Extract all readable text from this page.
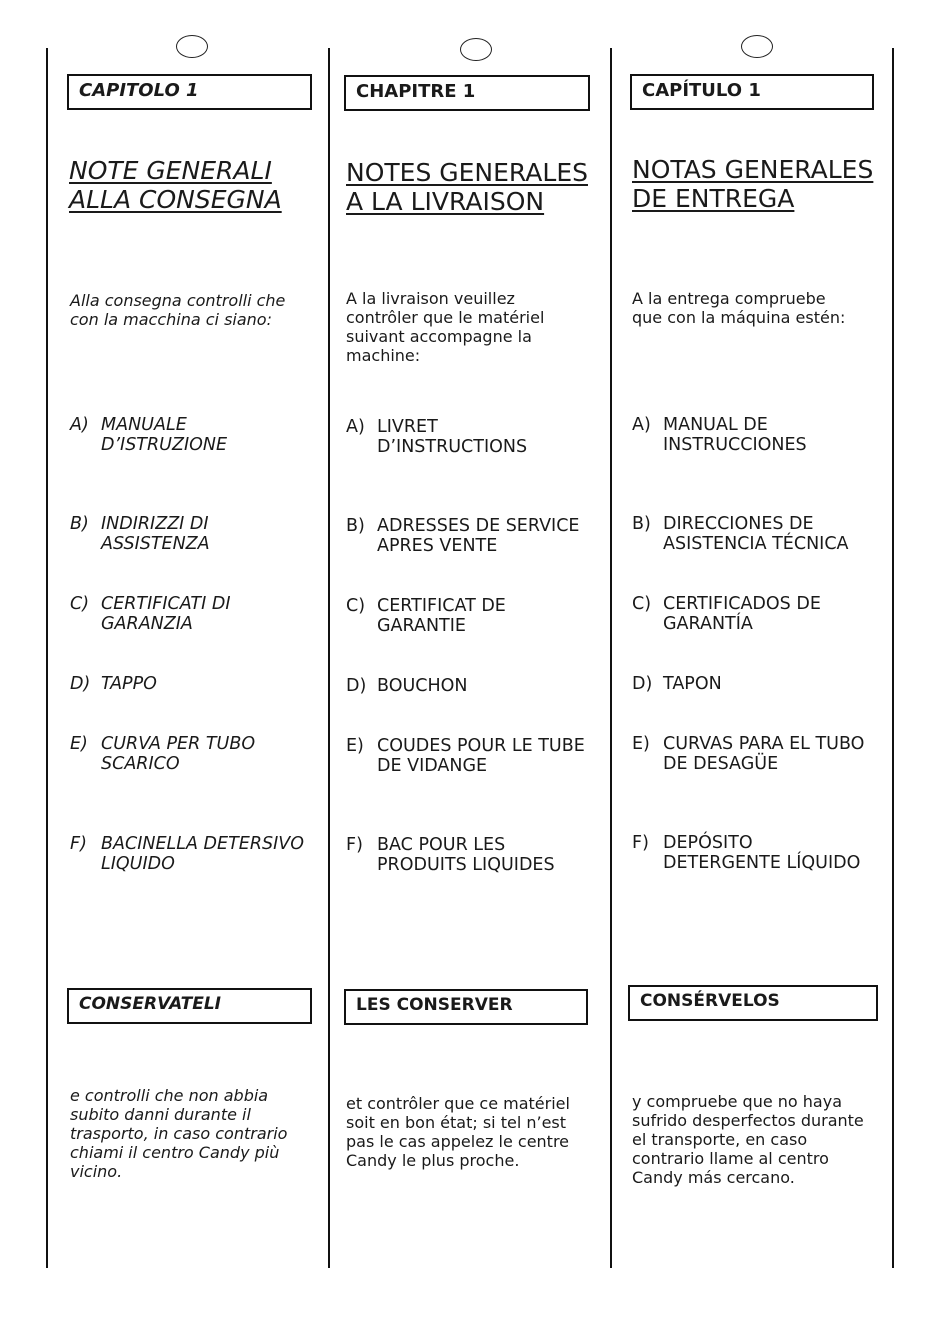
CAPITOLO 1
NOTE GENERALI
ALLA CONSEGNA

Alla consegna controlli che
con la macchina ci siano:

A) MANUALE
D’ISTRUZIONE
B) INDIRIZZI DI
ASSISTENZA
C) CERTIFICATI DI
GARANZIA
D) TAPPO
E) CURVA PER TUBO
SCARICO
F) BACINELLA DETERSIVO
LIQUIDO
CONSERVATELI

e controlli che non abbia
subito danni durante il
trasporto, in caso contrario
chiami il centro Candy più
vicino.

CHAPITRE 1
NOTES GENERALES
A LA LIVRAISON

A la livraison veuillez
contrôler que le matériel
suivant accompagne la
machine:

A) LIVRET
D’INSTRUCTIONS
B) ADRESSES DE SERVICE
APRES VENTE
C) CERTIFICAT DE
GARANTIE
D) BOUCHON
E) COUDES POUR LE TUBE
DE VIDANGE
F) BAC POUR LES
PRODUITS LIQUIDES
LES CONSERVER

et contrôler que ce matériel
soit en bon état; si tel n’est
pas le cas appelez le centre
Candy le plus proche.

CAPÍTULO 1
NOTAS GENERALES
DE ENTREGA

A la entrega compruebe
que con la máquina estén:

A) MANUAL DE
INSTRUCCIONES
B) DIRECCIONES DE
ASISTENCIA TÉCNICA
C) CERTIFICADOS DE
GARANTÍA
D) TAPON
E) CURVAS PARA EL TUBO
DE DESAGÜE
F) DEPÓSITO
DETERGENTE LÍQUIDO
CONSÉRVELOS

y compruebe que no haya
sufrido desperfectos durante
el transporte, en caso
contrario llame al centro
Candy más cercano.
